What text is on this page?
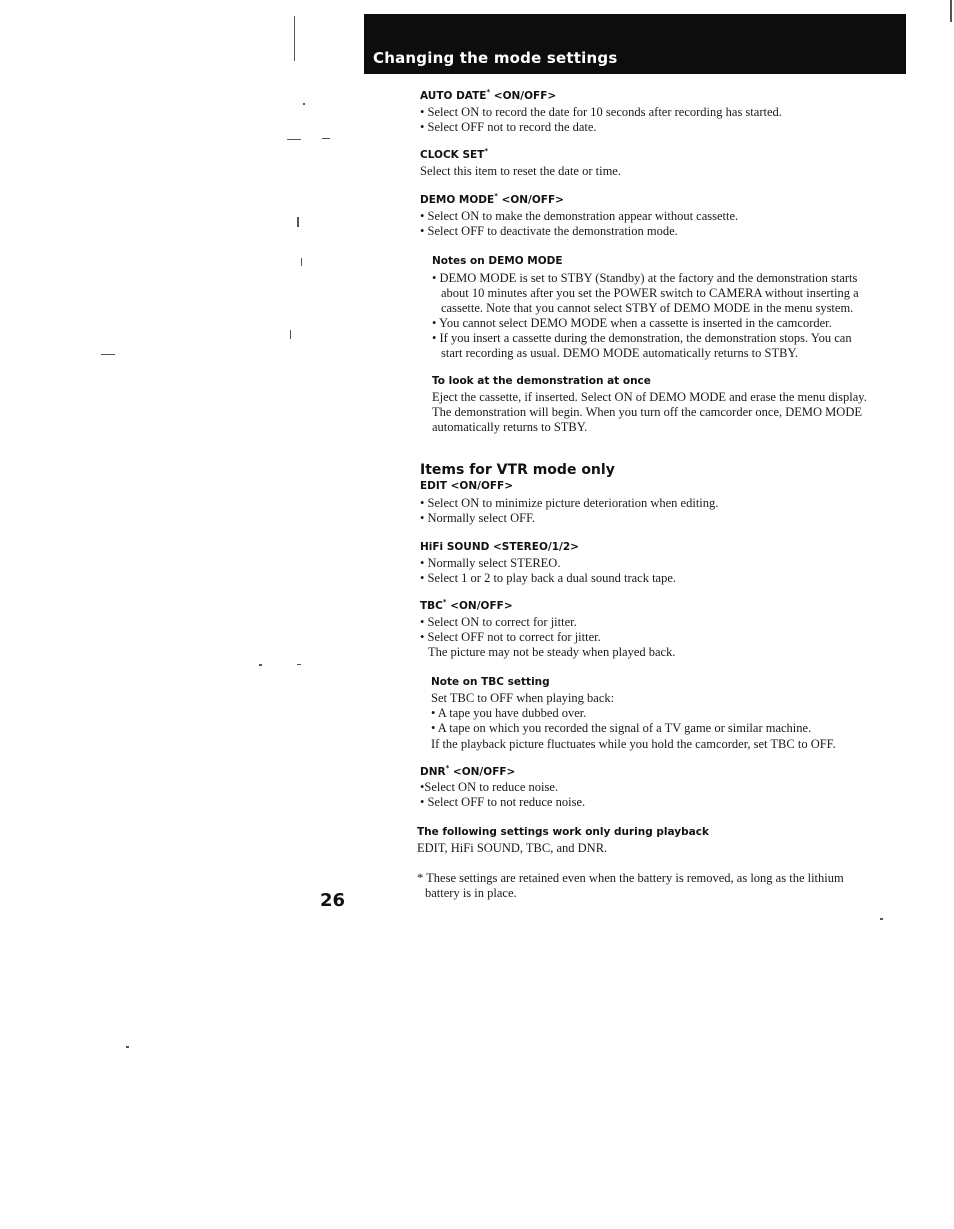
Changing the mode settings

AUTO DATE* <ON/OFF>

• Select ON to record the date for 10 seconds after recording has started.

• Select OFF not to record the date.

CLOCK SET*

Select this item to reset the date or time.

DEMO MODE* <ON/OFF>

• Select ON to make the demonstration appear without cassette.

• Select OFF to deactivate the demonstration mode.

Notes on DEMO MODE

• DEMO MODE is set to STBY (Standby) at the factory and the demonstration starts

about 10 minutes after you set the POWER switch to CAMERA without inserting a

cassette. Note that you cannot select STBY of DEMO MODE in the menu system.

• You cannot select DEMO MODE when a cassette is inserted in the camcorder.

• If you insert a cassette during the demonstration, the demonstration stops. You can

start recording as usual. DEMO MODE automatically returns to STBY.

To look at the demonstration at once

Eject the cassette, if inserted. Select ON of DEMO MODE and erase the menu display.

The demonstration will begin. When you turn off the camcorder once, DEMO MODE

automatically returns to STBY.

Items for VTR mode only

EDIT <ON/OFF>

• Select ON to minimize picture deterioration when editing.

• Normally select OFF.

HiFi SOUND <STEREO/1/2>

• Normally select STEREO.

• Select 1 or 2 to play back a dual sound track tape.

TBC* <ON/OFF>

• Select ON to correct for jitter.

• Select OFF not to correct for jitter.

The picture may not be steady when played back.

Note on TBC setting

Set TBC to OFF when playing back:

• A tape you have dubbed over.

• A tape on which you recorded the signal of a TV game or similar machine.

If the playback picture fluctuates while you hold the camcorder, set TBC to OFF.

DNR* <ON/OFF>

•Select ON to reduce noise.

• Select OFF to not reduce noise.

The following settings work only during playback

EDIT, HiFi SOUND, TBC, and DNR.

* These settings are retained even when the battery is removed, as long as the lithium

battery is in place.

26
